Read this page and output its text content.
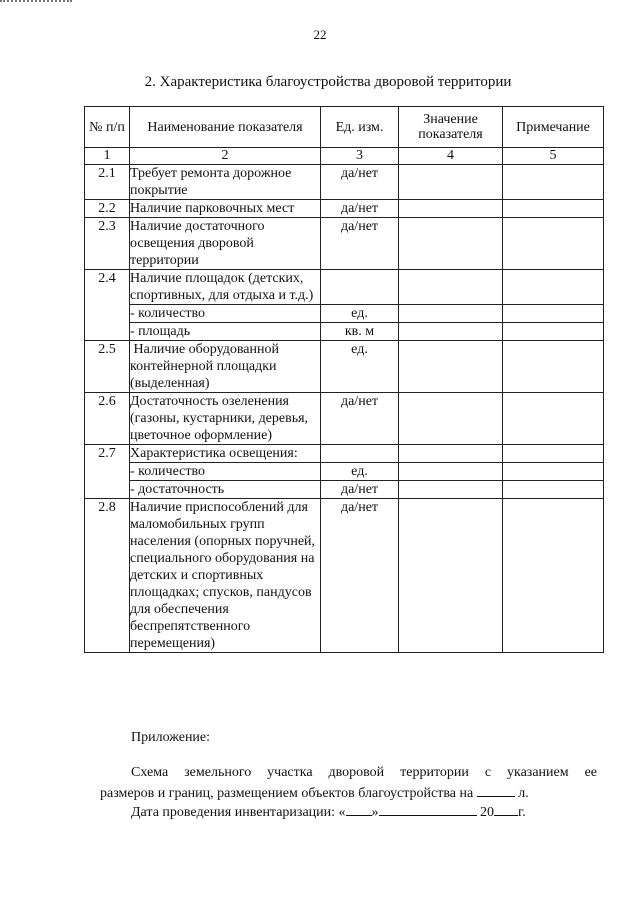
22
2. Характеристика благоустройства дворовой территории
№ п/п	Наименование показателя	Ед. изм.	Значение показателя	Примечание
1	2	3	4	5
2.1	Требует ремонта дорожное покрытие	да/нет		
2.2	Наличие парковочных мест	да/нет		
2.3	Наличие достаточного освещения дворовой территории	да/нет		
2.4	Наличие площадок (детских, спортивных, для отдыха и т.д.)			
	- количество	ед.		
	- площадь	кв. м		
2.5	Наличие оборудованной контейнерной площадки (выделенная)	ед.		
2.6	Достаточность озеленения (газоны, кустарники, деревья, цветочное оформление)	да/нет		
2.7	Характеристика освещения:			
	- количество	ед.		
	- достаточность	да/нет		
2.8	Наличие приспособлений для маломобильных групп населения (опорных поручней, специального оборудования на детских и спортивных площадках; спусков, пандусов для обеспечения беспрепятственного перемещения)	да/нет		
Приложение:
Схема земельного участка дворовой территории с указанием ее
размеров и границ, размещением объектов благоустройства на	л.
Дата проведения инвентаризации: « »	20 г.
